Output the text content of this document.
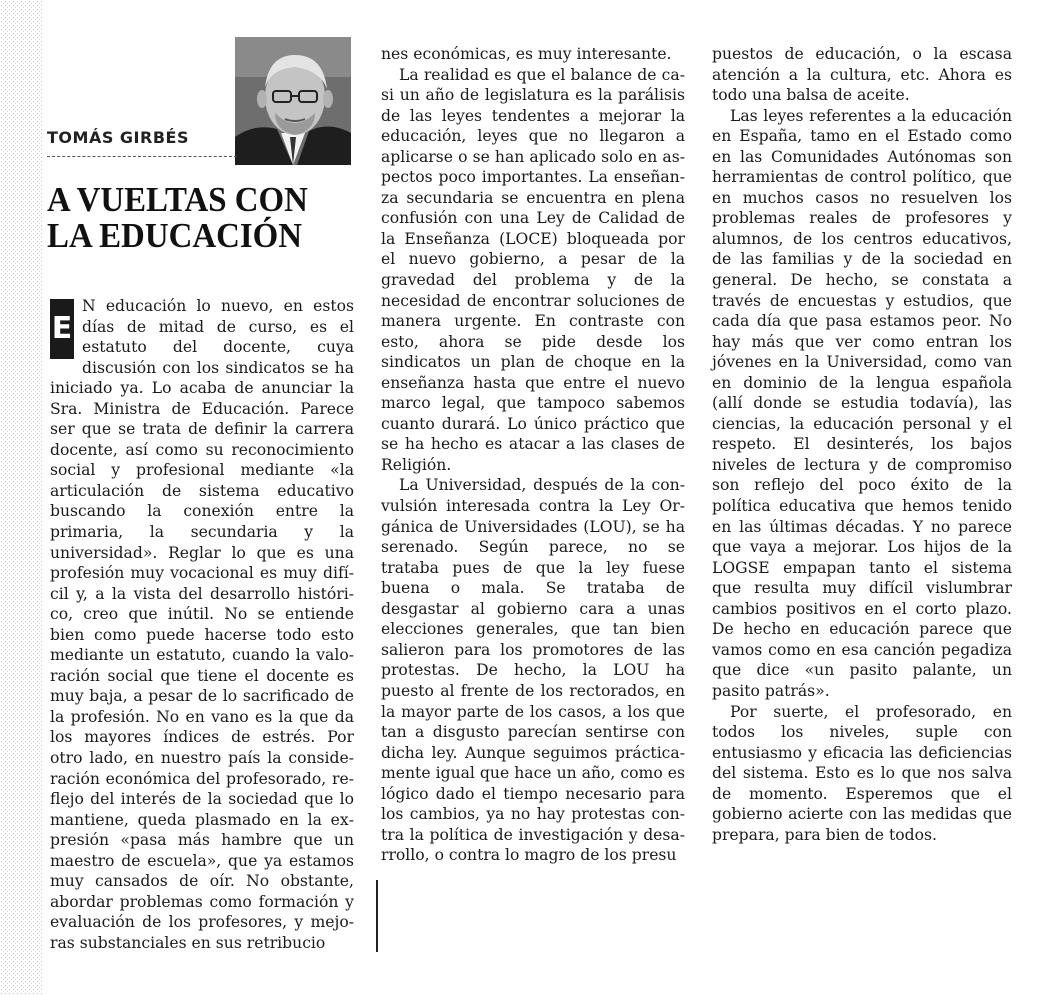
TOMÁS GIRBÉS
A VUELTAS CON LA EDUCACIÓN

E
N educación lo nuevo, en estos días de mitad de curso, es el estatuto del docente, cuya discusión con los sindicatos se ha iniciado ya. Lo acaba de anunciar la Sra. Ministra de Educación. Parece ser que se trata de definir la carrera docente, así como su reconocimiento social y profesional mediante «la articulación de sistema educativo buscando la conexión entre la primaria, la secundaria y la universidad». Reglar lo que es una profesión muy vocacional es muy difícil y, a la vista del desarrollo histórico, creo que inútil. No se entiende bien como puede hacerse todo esto mediante un estatuto, cuando la valoración social que tiene el docente es muy baja, a pesar de lo sacrificado de la profesión. No en vano es la que da los mayores índices de estrés. Por otro lado, en nuestro país la consideración económica del profesorado, reflejo del interés de la sociedad que lo mantiene, queda plasmado en la expresión «pasa más hambre que un maestro de escuela», que ya estamos muy cansados de oír. No obstante, abordar problemas como formación y evaluación de los profesores, y mejoras substanciales en sus retribucio

nes económicas, es muy interesante.

La realidad es que el balance de casi un año de legislatura es la parálisis de las leyes tendentes a mejorar la educación, leyes que no llegaron a aplicarse o se han aplicado solo en aspectos poco importantes. La enseñanza secundaria se encuentra en plena confusión con una Ley de Calidad de la Enseñanza (LOCE) bloqueada por el nuevo gobierno, a pesar de la gravedad del problema y de la necesidad de encontrar soluciones de manera urgente. En contraste con esto, ahora se pide desde los sindicatos un plan de choque en la enseñanza hasta que entre el nuevo marco legal, que tampoco sabemos cuanto durará. Lo único práctico que se ha hecho es atacar a las clases de Religión.

La Universidad, después de la convulsión interesada contra la Ley Orgánica de Universidades (LOU), se ha serenado. Según parece, no se trataba pues de que la ley fuese buena o mala. Se trataba de desgastar al gobierno cara a unas elecciones generales, que tan bien salieron para los promotores de las protestas. De hecho, la LOU ha puesto al frente de los rectorados, en la mayor parte de los casos, a los que tan a disgusto parecían sentirse con dicha ley. Aunque seguimos prácticamente igual que hace un año, como es lógico dado el tiempo necesario para los cambios, ya no hay protestas contra la política de investigación y desarrollo, o contra lo magro de los presu

puestos de educación, o la escasa atención a la cultura, etc. Ahora es todo una balsa de aceite.

Las leyes referentes a la educación en España, tamo en el Estado como en las Comunidades Autónomas son herramientas de control político, que en muchos casos no resuelven los problemas reales de profesores y alumnos, de los centros educativos, de las familias y de la sociedad en general. De hecho, se constata a través de encuestas y estudios, que cada día que pasa estamos peor. No hay más que ver como entran los jóvenes en la Universidad, como van en dominio de la lengua española (allí donde se estudia todavía), las ciencias, la educación personal y el respeto. El desinterés, los bajos niveles de lectura y de compromiso son reflejo del poco éxito de la política educativa que hemos tenido en las últimas décadas. Y no parece que vaya a mejorar. Los hijos de la LOGSE empapan tanto el sistema que resulta muy difícil vislumbrar cambios positivos en el corto plazo. De hecho en educación parece que vamos como en esa canción pegadiza que dice «un pasito palante, un pasito patrás».

Por suerte, el profesorado, en todos los niveles, suple con entusiasmo y eficacia las deficiencias del sistema. Esto es lo que nos salva de momento. Esperemos que el gobierno acierte con las medidas que prepara, para bien de todos.
